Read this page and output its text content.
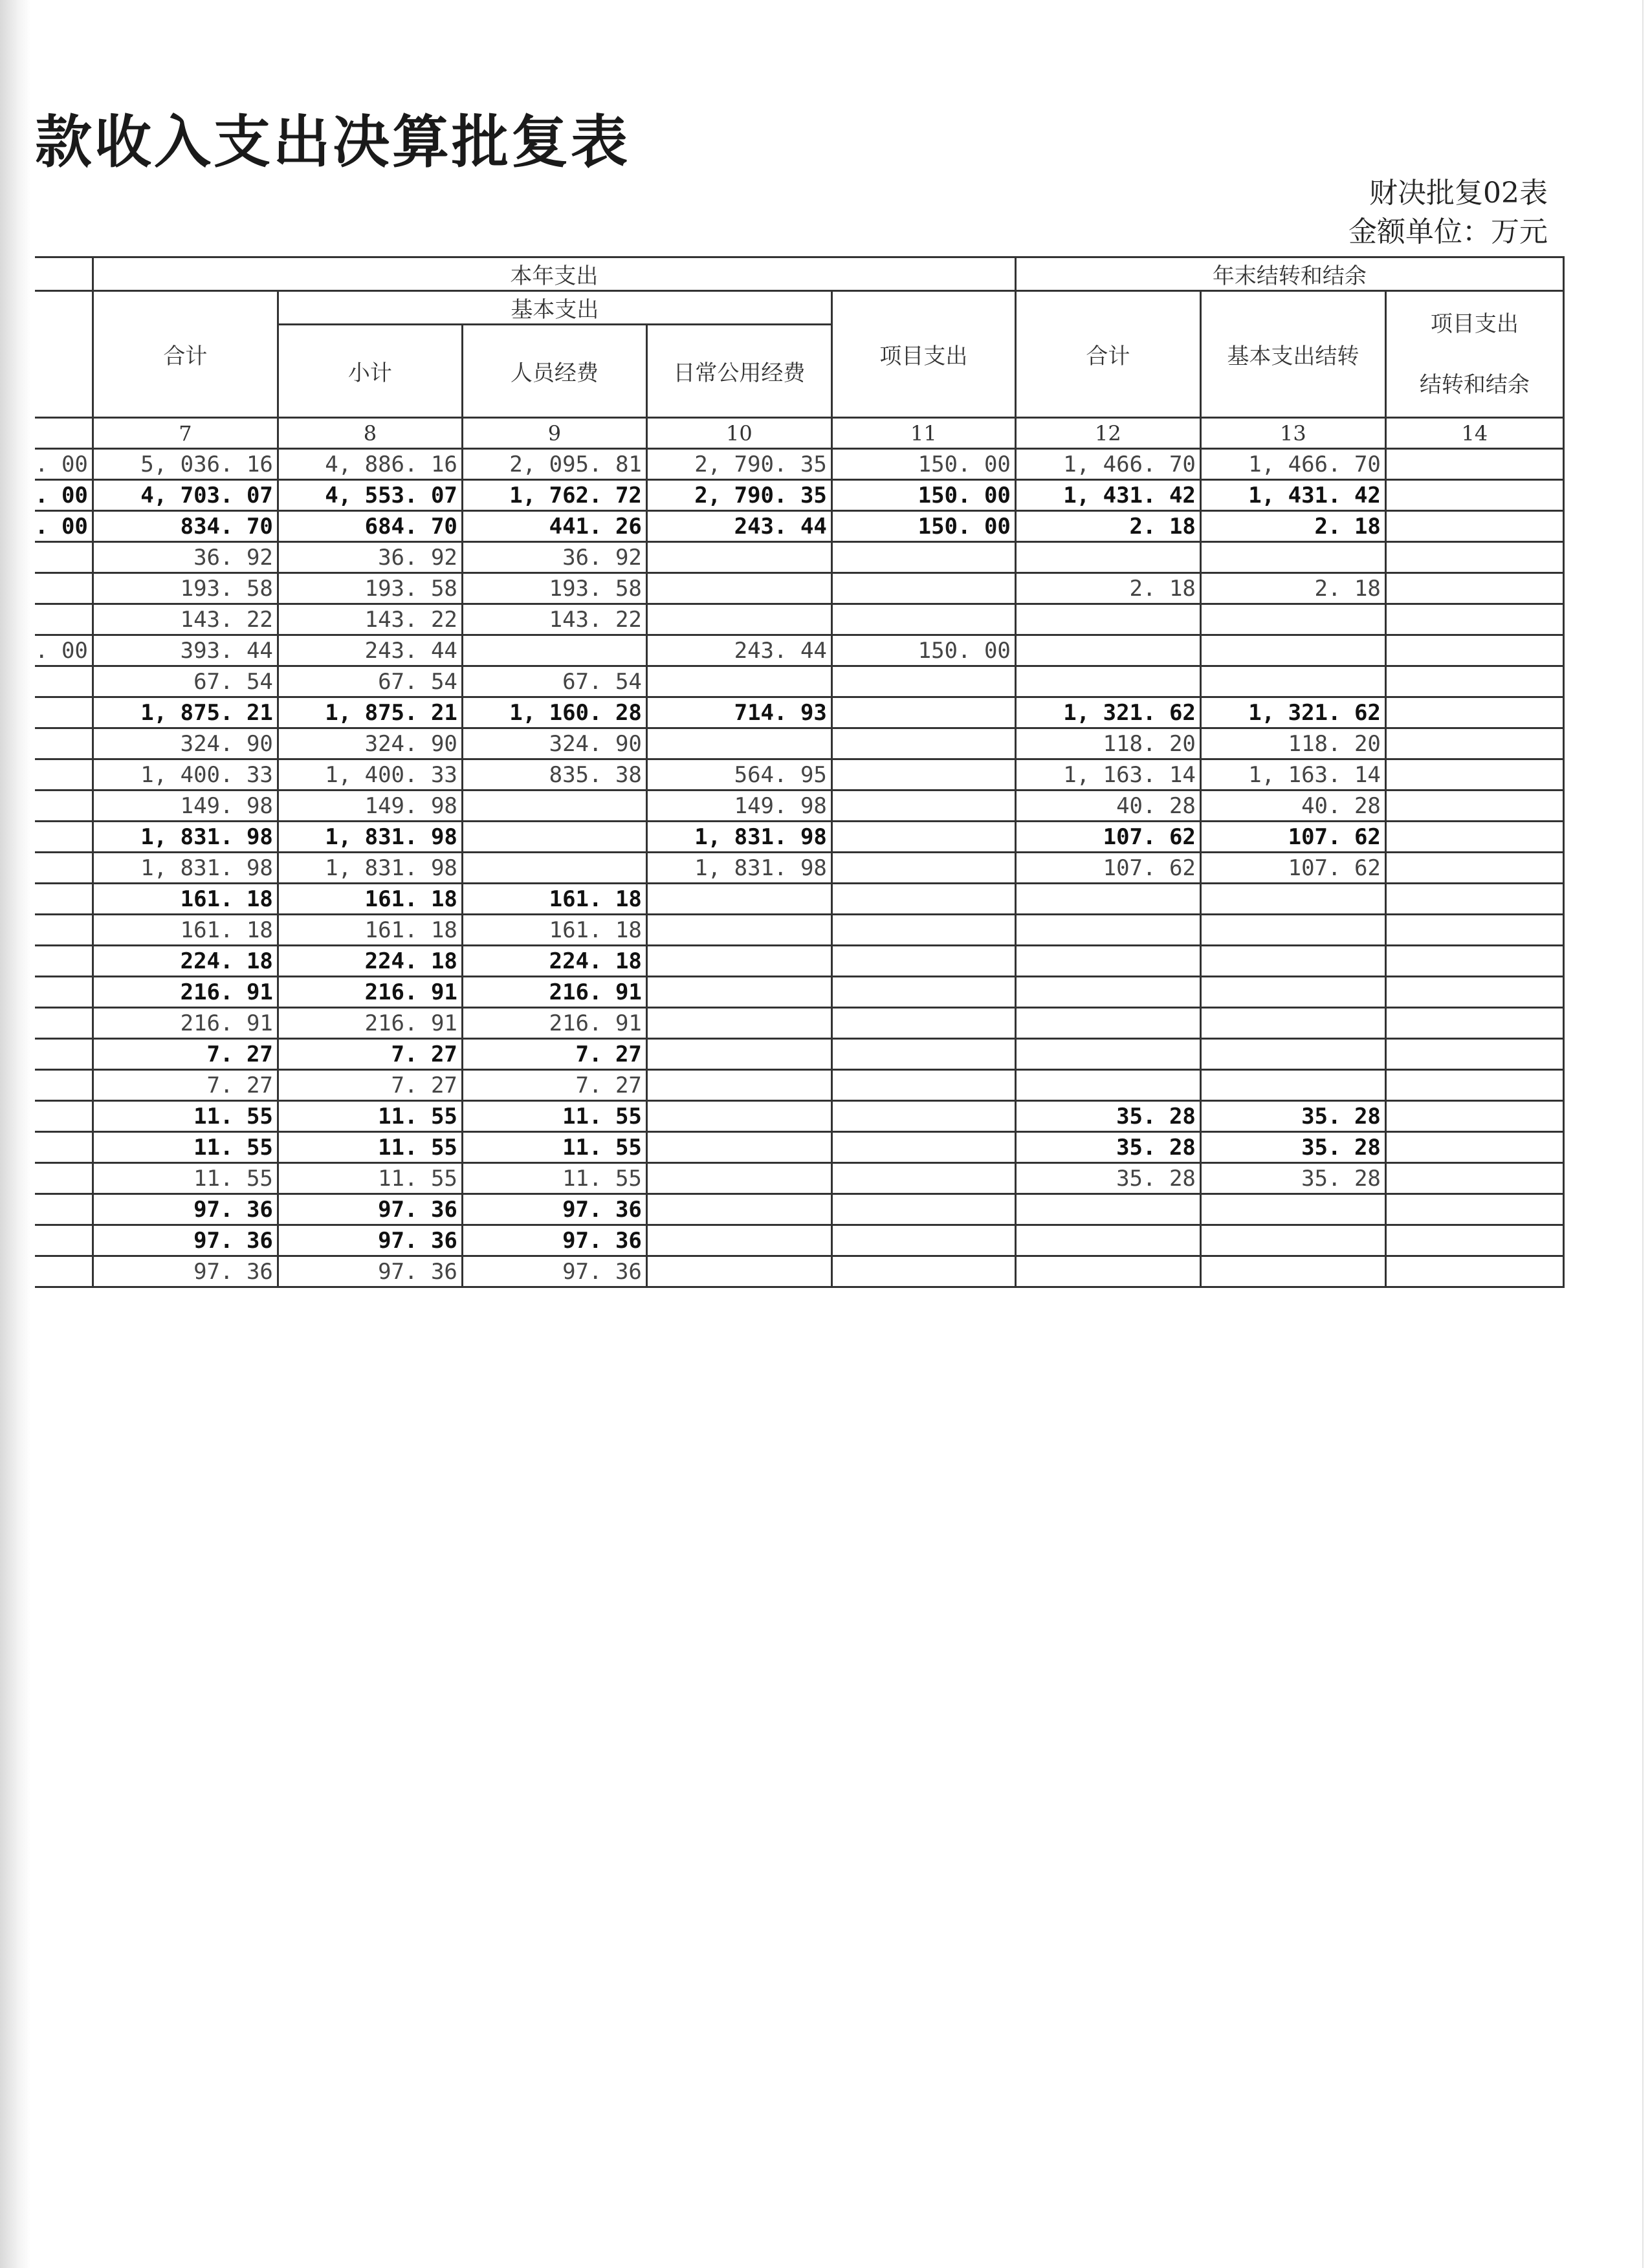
款收入支出决算批复表
财决批复02表
金额单位：万元
	本年支出					年末结转和结余		
	合计	基本支出			项目支出	合计	基本支出结转	项目支出
结转和结余

		小计	人员经费	日常公用经费				
	7	8	9	10	11	12	13	14
. 00	5, 036. 16	4, 886. 16	2, 095. 81	2, 790. 35	150. 00	1, 466. 70	1, 466. 70	
. 00	4, 703. 07	4, 553. 07	1, 762. 72	2, 790. 35	150. 00	1, 431. 42	1, 431. 42	
. 00	834. 70	684. 70	441. 26	243. 44	150. 00	2. 18	2. 18	
	36. 92	36. 92	36. 92					
	193. 58	193. 58	193. 58			2. 18	2. 18	
	143. 22	143. 22	143. 22					
. 00	393. 44	243. 44		243. 44	150. 00			
	67. 54	67. 54	67. 54					
	1, 875. 21	1, 875. 21	1, 160. 28	714. 93		1, 321. 62	1, 321. 62	
	324. 90	324. 90	324. 90			118. 20	118. 20	
	1, 400. 33	1, 400. 33	835. 38	564. 95		1, 163. 14	1, 163. 14	
	149. 98	149. 98		149. 98		40. 28	40. 28	
	1, 831. 98	1, 831. 98		1, 831. 98		107. 62	107. 62	
	1, 831. 98	1, 831. 98		1, 831. 98		107. 62	107. 62	
	161. 18	161. 18	161. 18					
	161. 18	161. 18	161. 18					
	224. 18	224. 18	224. 18					
	216. 91	216. 91	216. 91					
	216. 91	216. 91	216. 91					
	7. 27	7. 27	7. 27					
	7. 27	7. 27	7. 27					
	11. 55	11. 55	11. 55			35. 28	35. 28	
	11. 55	11. 55	11. 55			35. 28	35. 28	
	11. 55	11. 55	11. 55			35. 28	35. 28	
	97. 36	97. 36	97. 36					
	97. 36	97. 36	97. 36					
	97. 36	97. 36	97. 36					
